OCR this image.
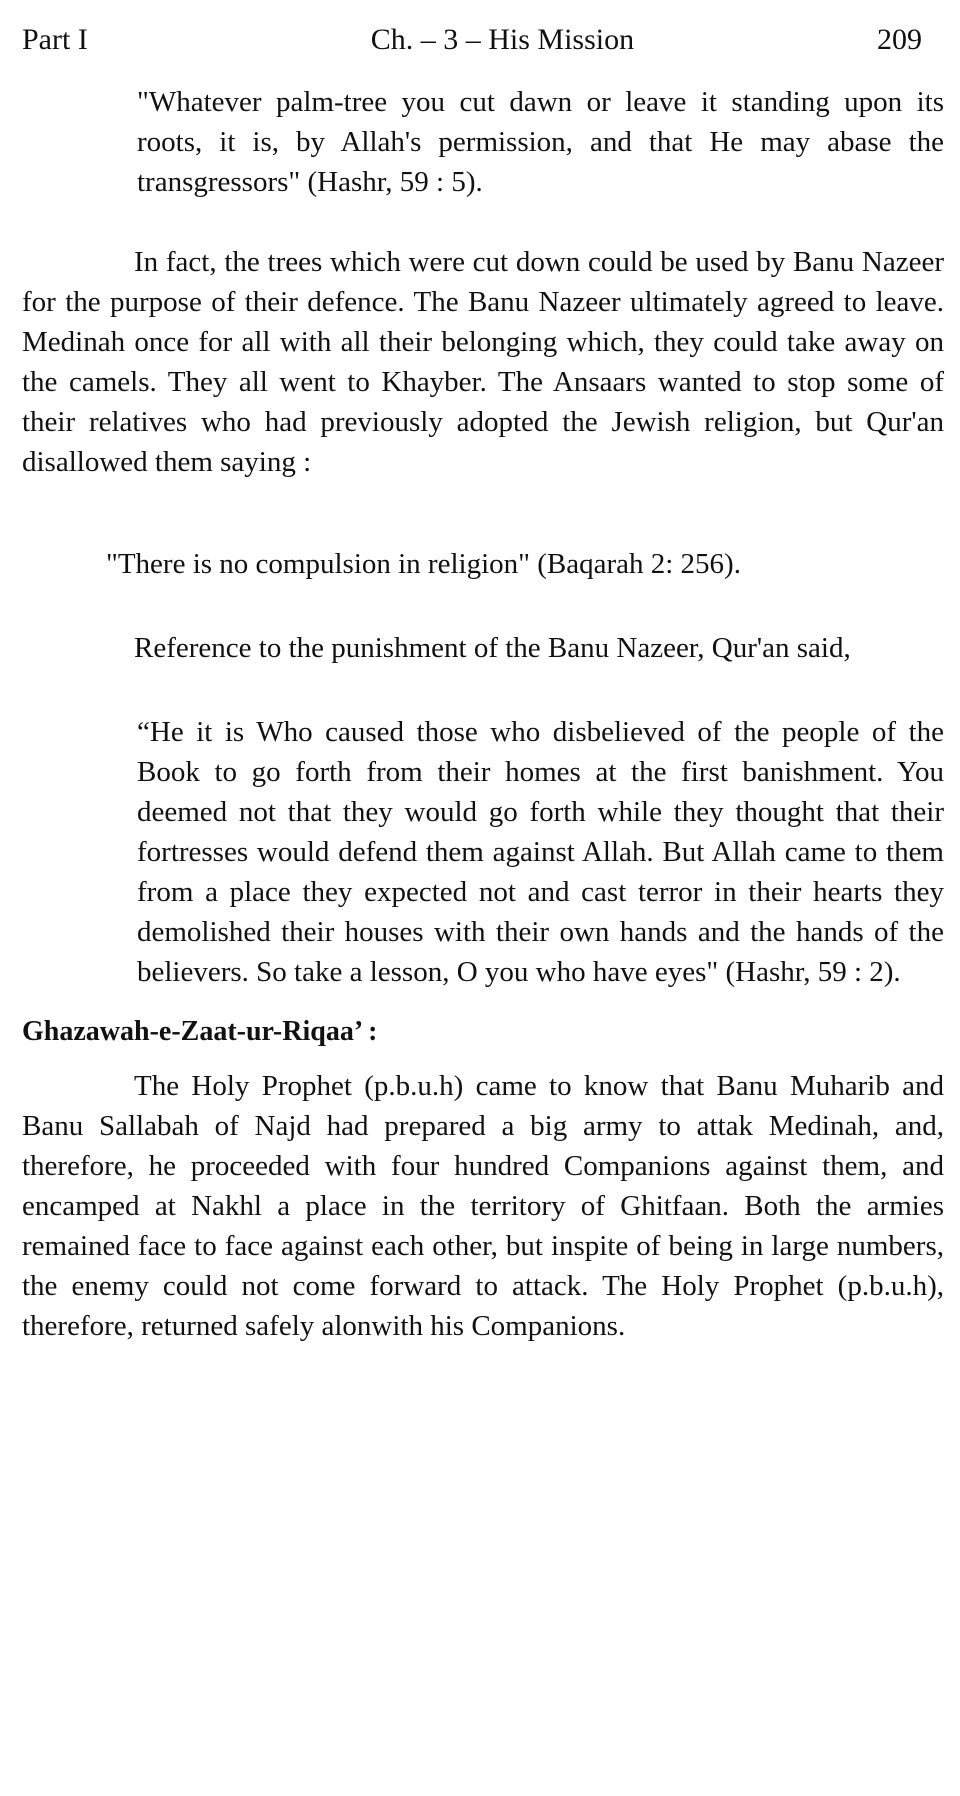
Part I	Ch. – 3 – His Mission	209

"Whatever palm-tree you cut dawn or leave it standing upon its roots, it is, by Allah's permission, and that He may abase the transgressors" (Hashr, 59 : 5).

In fact, the trees which were cut down could be used by Banu Nazeer for the purpose of their defence. The Banu Nazeer ultimately agreed to leave. Medinah once for all with all their belonging which, they could take away on the camels. They all went to Khayber. The Ansaars wanted to stop some of their relatives who had previously adopted the Jewish religion, but Qur'an disallowed them saying :

"There is no compulsion in religion" (Baqarah 2: 256).

Reference to the punishment of the Banu Nazeer, Qur'an said,

“He it is Who caused those who disbelieved of the people of the Book to go forth from their homes at the first banishment. You deemed not that they would go forth while they thought that their fortresses would defend them against Allah. But Allah came to them from a place they expected not and cast terror in their hearts they demolished their houses with their own hands and the hands of the believers. So take a lesson, O you who have eyes" (Hashr, 59 : 2).

Ghazawah-e-Zaat-ur-Riqaa’ :

The Holy Prophet (p.b.u.h) came to know that Banu Muharib and Banu Sallabah of Najd had prepared a big army to attak Medinah, and, therefore, he proceeded with four hundred Companions against them, and encamped at Nakhl a place in the territory of Ghitfaan. Both the armies remained face to face against each other, but inspite of being in large numbers, the enemy could not come forward to attack. The Holy Prophet (p.b.u.h), therefore, returned safely alonwith his Companions.
